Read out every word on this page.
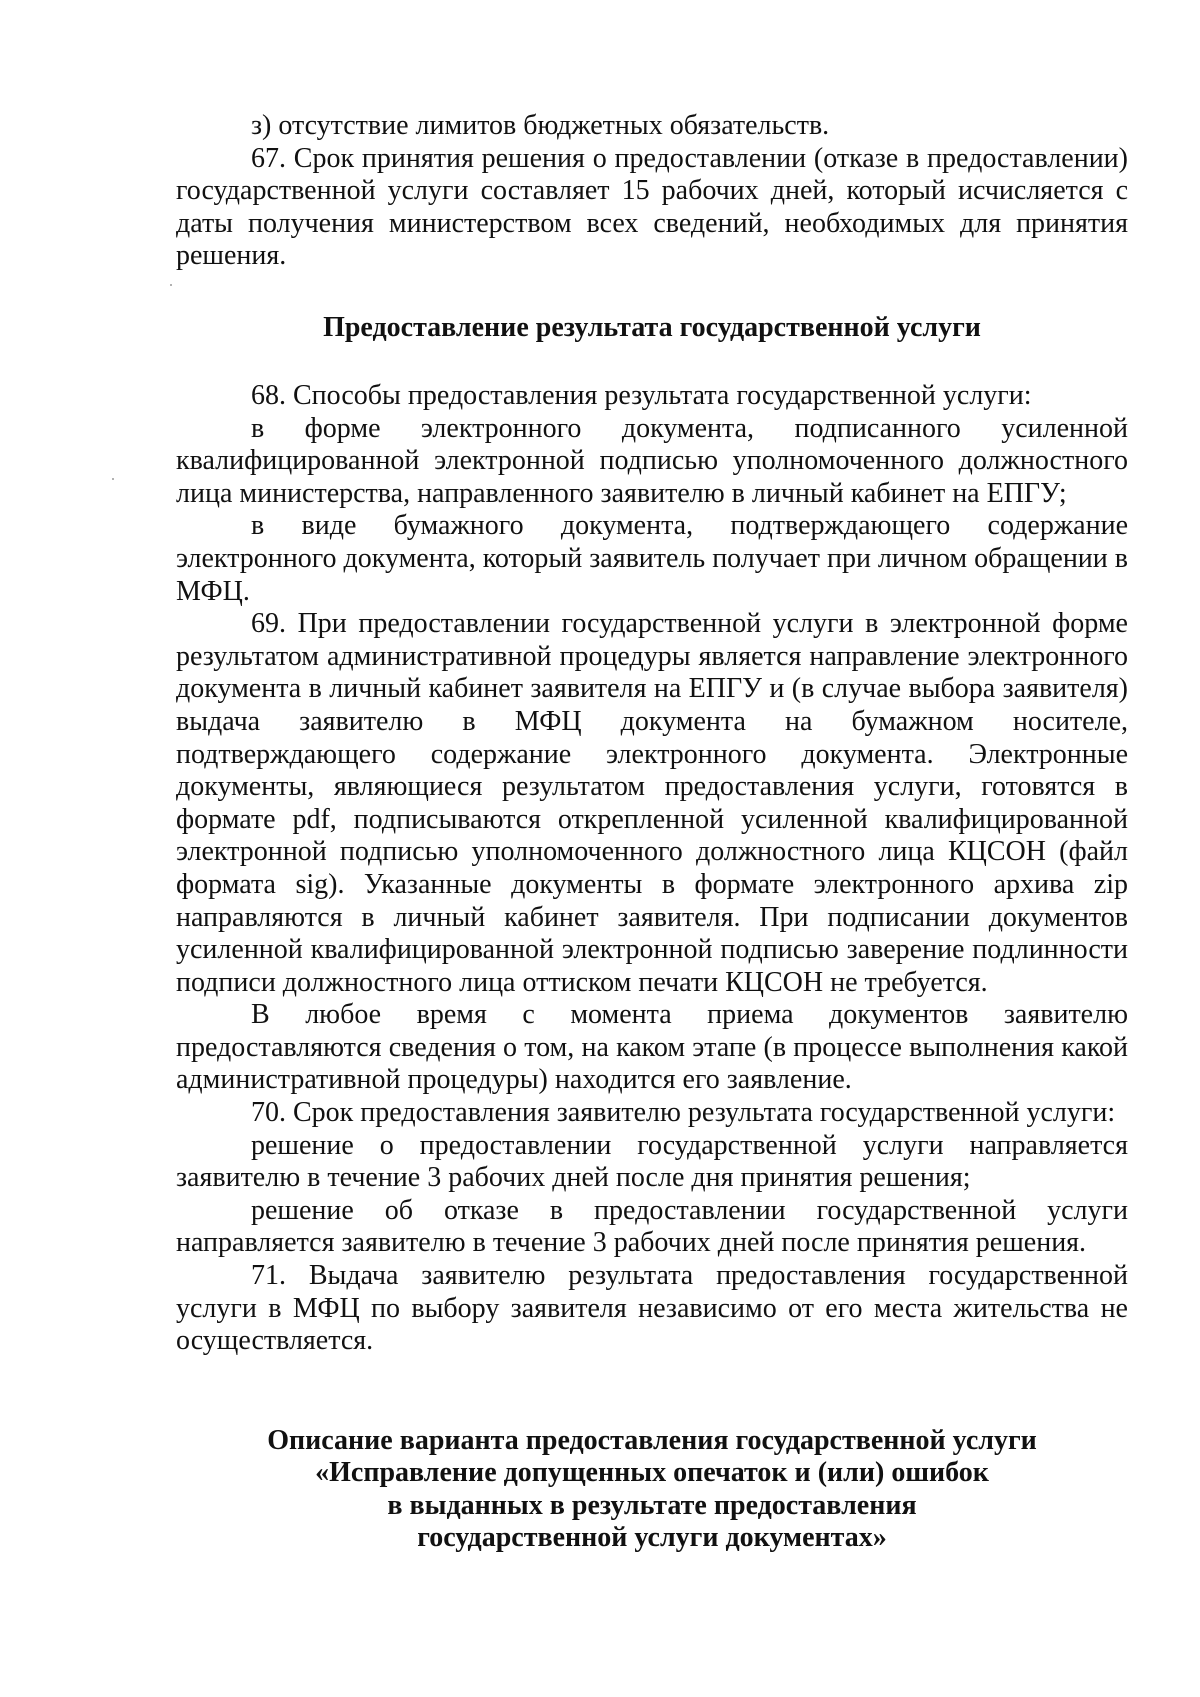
з) отсутствие лимитов бюджетных обязательств.

67. Срок принятия решения о предоставлении (отказе в предоставлении) государственной услуги составляет 15 рабочих дней, который исчисляется с даты получения министерством всех сведений, необходимых для принятия решения.

Предоставление результата государственной услуги

68. Способы предоставления результата государственной услуги:

в форме электронного документа, подписанного усиленной квалифицированной электронной подписью уполномоченного должностного лица министерства, направленного заявителю в личный кабинет на ЕПГУ;

в виде бумажного документа, подтверждающего содержание электронного документа, который заявитель получает при личном обращении в МФЦ.

69. При предоставлении государственной услуги в электронной форме результатом административной процедуры является направление электронного документа в личный кабинет заявителя на ЕПГУ и (в случае выбора заявителя) выдача заявителю в МФЦ документа на бумажном носителе, подтверждающего содержание электронного документа. Электронные документы, являющиеся результатом предоставления услуги, готовятся в формате pdf, подписываются открепленной усиленной квалифицированной электронной подписью уполномоченного должностного лица КЦСОН (файл формата sig). Указанные документы в формате электронного архива zip направляются в личный кабинет заявителя. При подписании документов усиленной квалифицированной электронной подписью заверение подлинности подписи должностного лица оттиском печати КЦСОН не требуется.

В любое время с момента приема документов заявителю предоставляются сведения о том, на каком этапе (в процессе выполнения какой административной процедуры) находится его заявление.

70. Срок предоставления заявителю результата государственной услуги:

решение о предоставлении государственной услуги направляется заявителю в течение 3 рабочих дней после дня принятия решения;

решение об отказе в предоставлении государственной услуги направляется заявителю в течение 3 рабочих дней после принятия решения.

71. Выдача заявителю результата предоставления государственной услуги в МФЦ по выбору заявителя независимо от его места жительства не осуществляется.

Описание варианта предоставления государственной услуги
«Исправление допущенных опечаток и (или) ошибок
в выданных в результате предоставления
государственной услуги документах»
